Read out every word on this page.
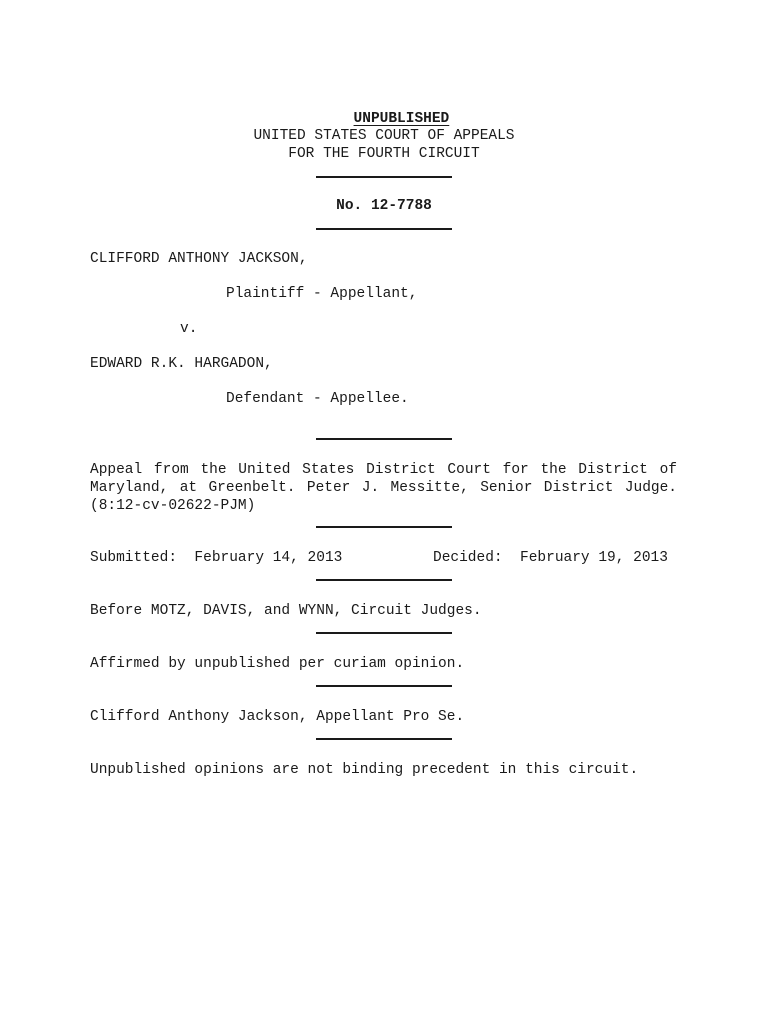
UNPUBLISHED

UNITED STATES COURT OF APPEALS
FOR THE FOURTH CIRCUIT
No. 12-7788
CLIFFORD ANTHONY JACKSON,
Plaintiff - Appellant,
v.
EDWARD R.K. HARGADON,
Defendant - Appellee.

Appeal from the United States District Court for the District of Maryland, at Greenbelt. Peter J. Messitte, Senior District Judge. (8:12-cv-02622-PJM)

Submitted:  February 14, 2013	Decided:  February 19, 2013
Before MOTZ, DAVIS, and WYNN, Circuit Judges.
Affirmed by unpublished per curiam opinion.
Clifford Anthony Jackson, Appellant Pro Se.
Unpublished opinions are not binding precedent in this circuit.
